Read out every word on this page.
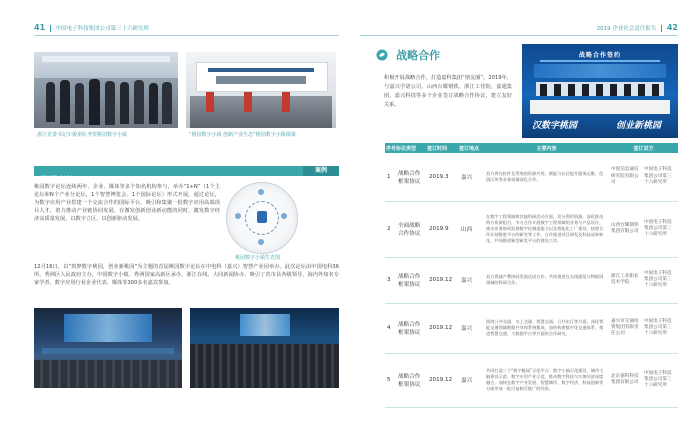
41 中国电子科技集团公司第三十六研究所	2019 企业社会责任报告 42
浙江省委书记车俊率队考察桃园数字小镇	“桃园数字小镇 创新产业生态”桃园数字小镇揭幕
战略合作
积极开展战略合作，打造嘉科集团“朋友圈”。2019年，与嘉兴学诺公司、山西台耀钢铁、浙江工佳院、嘉通集团、嘉兴科技等多个企业签订战略合作协议，建立友好关系。
战略合作签约
汉数字桃园	创业新桃园
桃园数字论坛
案例
桃园数字论坛连续两年，企业、媒体等多个知名机构参与，举办“1+N”（1个主论坛和N个产业分论坛，1个智慧博览会、1个国际论坛）形式开展。通过论坛，为数字应用产业搭建一个交流合作的国际平台，吸引和集聚一批数字应用高端项目人才，着力推动产业链协同发展，在激发创新创业新动能的同时，激发数字经济高质量发展，以数字立区、以创新驱动发展。
桃园数字小镇生态图
12月16日，以“筑梦数字桃园，创业新桃园”为主题的首届桃园数字论坛在中电科（嘉兴）智慧产业园举办。此次论坛由中国电科36所、秀洲区人民政府主办，中国数字小镇、秀洲国家高新区承办，浙江在线、大同新闻协办，吸引了省市县各级领导、海内外知名专家学者、数字应用行业企业代表、媒体等300多名嘉宾参加。
序号	协议类型	签订时间	签订地点	主要内容	签订双方	
1	战略合作框架协议	2019.3	嘉兴	双方将在软件及系统的资源共用、联能与社区提升服务运维、信创区块等业务领域深化合作。	中国信息通信研究院有限公司	中国电子科技集团公司第三十六研究所
2	全面战略合作协议	2019.9	山西	在数字工程领域和其他科研活动方面，发分利用资源，深化推动两方资源组合，多方合作开展数字工程领域的业务与产品设计，推动业务协同发展数字化制造能力以及智能化工厂建设，按照合作计划推进平台的研究等工作，合作推进项目研发及科技成果转化，共同推进新型研发平台的建设工作。	山西台耀钢铁集团有限公司	中国电子科技集团公司第三十六研究所
3	战略合作框架协议	2019.12	嘉兴	双方将就产教协同发展达成合作，共同推进在无线通信与物联网领域的科研合作。	浙江工业职业技术学院	中国电子科技集团公司第三十六研究所
4	战略合作框架协议	2019.12	嘉兴	围绕公共交通、水上交通、智慧交通、公共出行等方面，深化智能交通领域数据共享和系统集成，加快构建数字化交通体系，推进智慧交通、大数据平台等方面的合作研究。	嘉兴市交通投资集团有限责任公司	中国电子科技集团公司第三十六研究所
5	战略合作框架协议	2019.12	嘉兴	共同打造三个“数字桃园”示范平台：数字小镇示范建设、城市大脑建设示范、数字应用产业示范，推动数字科技与实体经济深度融合，加快在数字产业发展、智慧城市、数字经济、科技创新等方面形成一批可复制可推广的经验。	北京嘉科科技集团有限公司	中国电子科技集团公司第三十六研究所
